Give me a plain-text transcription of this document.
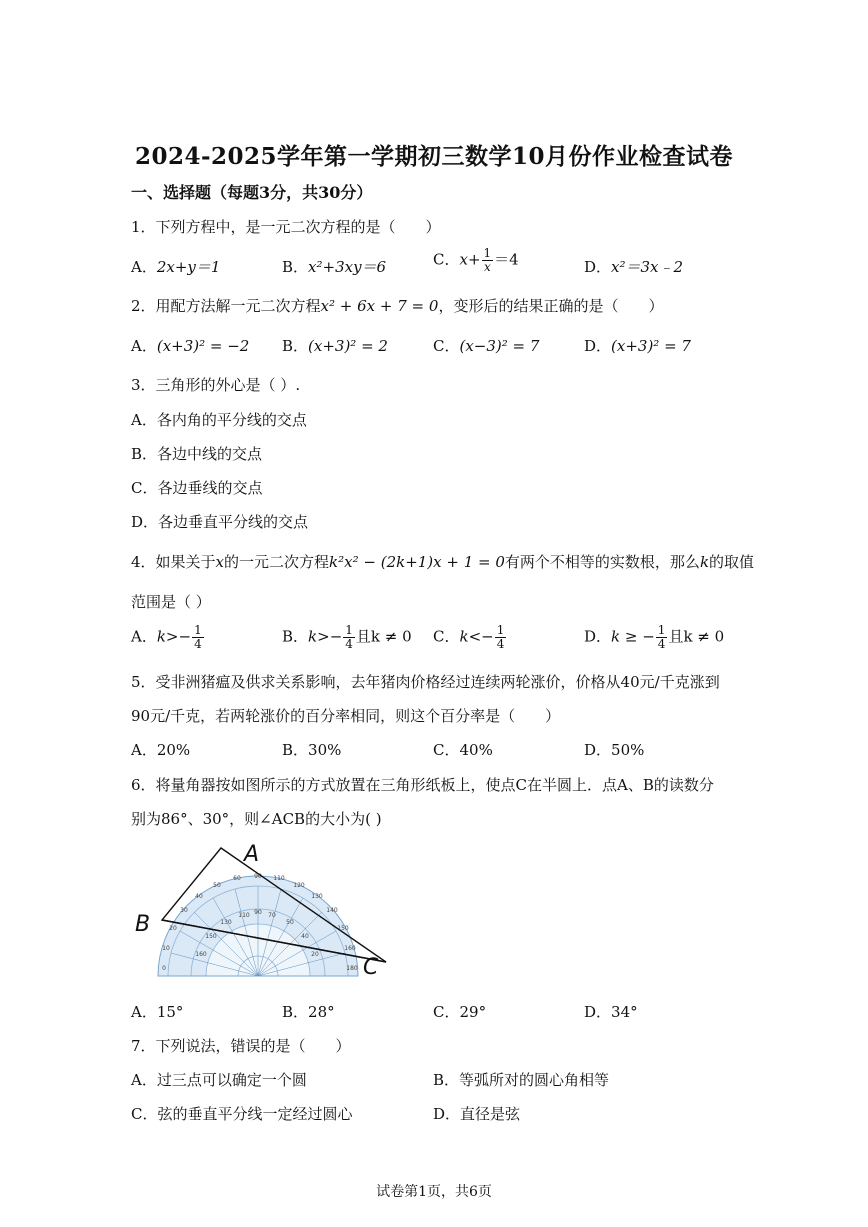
2024-2025学年第一学期初三数学10月份作业检查试卷
一、选择题（每题3分，共30分）
1．下列方程中，是一元二次方程的是（　　）
A．2x+y＝1	B．x²+3xy＝6	C．$x+ \frac{1}{x} =4$	D．x²＝3x﹣2
2．用配方法解一元二次方程x² + 6x + 7 = 0，变形后的结果正确的是（　　）
A．(x+3)² = −2 B．(x+3)² = 2	C．(x−3)² = 7	D．(x+3)² = 7
3．三角形的外心是（ ）.
A．各内角的平分线的交点
B．各边中线的交点
C．各边垂线的交点
D．各边垂直平分线的交点
4．如果关于x的一元二次方程k²x² − (2k+1)x + 1 = 0有两个不相等的实数根，那么k的取值
范围是（ ）
A．$k>- \frac{1}{4}$	B．$k>- \frac{1}{4}$ 且k ≠ 0 C．$k<- \frac{1}{4}$	D．k ≥ − $\frac{1}{4}$ 且k ≠ 0
5．受非洲猪瘟及供求关系影响，去年猪肉价格经过连续两轮涨价，价格从40元/千克涨到
90元/千克，若两轮涨价的百分率相同，则这个百分率是（　　）
A．20%	B．30%	C．40%	D．50%
6．将量角器按如图所示的方式放置在三角形纸板上，使点C在半圆上．点A、B的读数分
别为86°、30°，则∠ACB的大小为( )
0
10
20
30
40
50
60 90 110
120
130
140
150
160
180
160
150
130
110 90 70
50
40
20
A
B
C
A．15°	B．28°	C．29°	D．34°
7．下列说法，错误的是（　　）
A．过三点可以确定一个圆	B．等弧所对的圆心角相等
C．弦的垂直平分线一定经过圆心	D．直径是弦
试卷第1页，共6页
